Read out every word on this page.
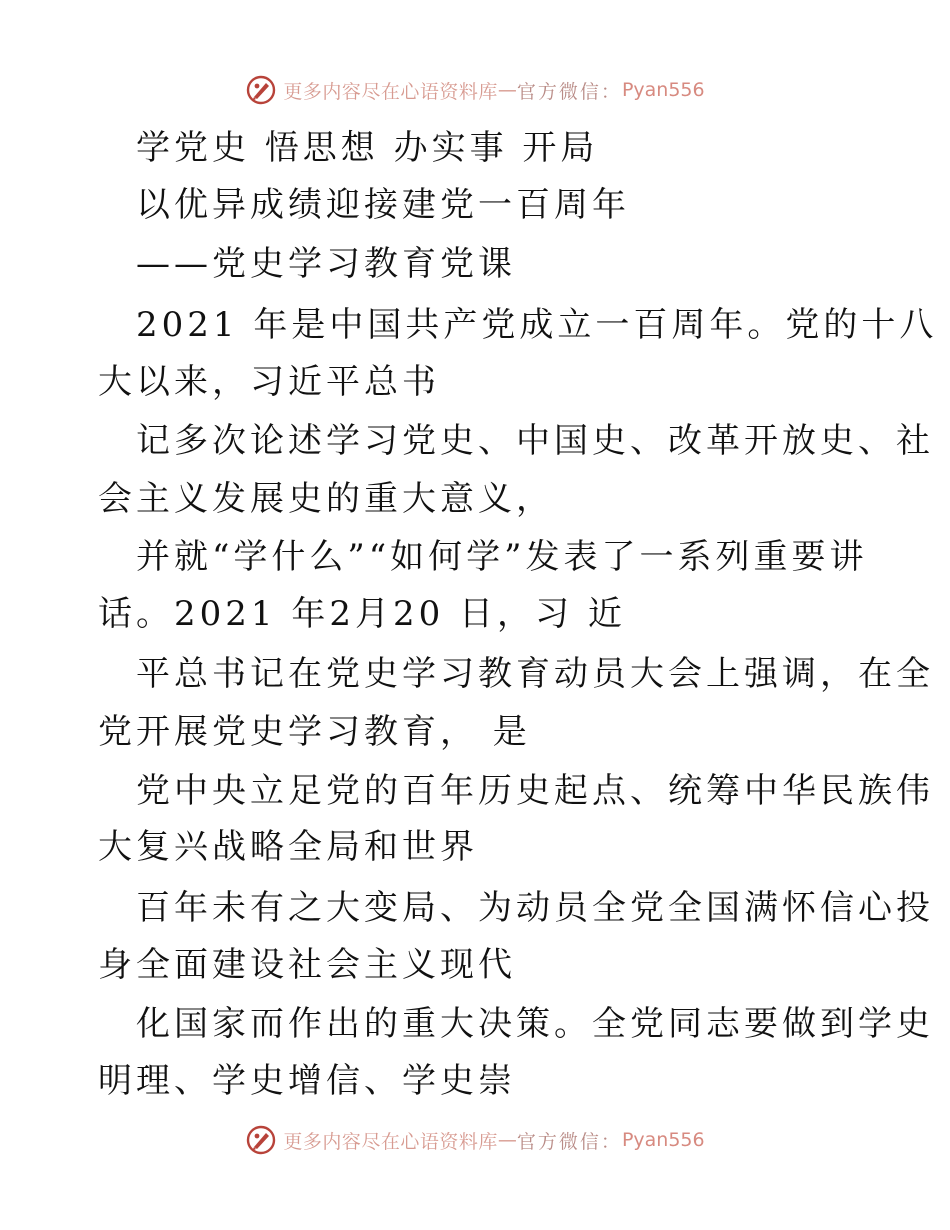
更多内容尽在心语资料库 — 官方微信： Pyan556
学党史 悟思想 办实事 开局
以优异成绩迎接建党一百周年
——党史学习教育党课
2021 年是中国共产党成立一百周年。党的十八
大以来，习近平总书
记多次论述学习党史、中国史、改革开放史、社
会主义发展史的重大意义，
并就“学什么”“如何学”发表了一系列重要讲
话。2021 年2月20 日，习 近
平总书记在党史学习教育动员大会上强调，在全
党开展党史学习教育， 是
党中央立足党的百年历史起点、统筹中华民族伟
大复兴战略全局和世界
百年未有之大变局、为动员全党全国满怀信心投
身全面建设社会主义现代
化国家而作出的重大决策。全党同志要做到学史
明理、学史增信、学史崇
更多内容尽在心语资料库 — 官方微信： Pyan556
